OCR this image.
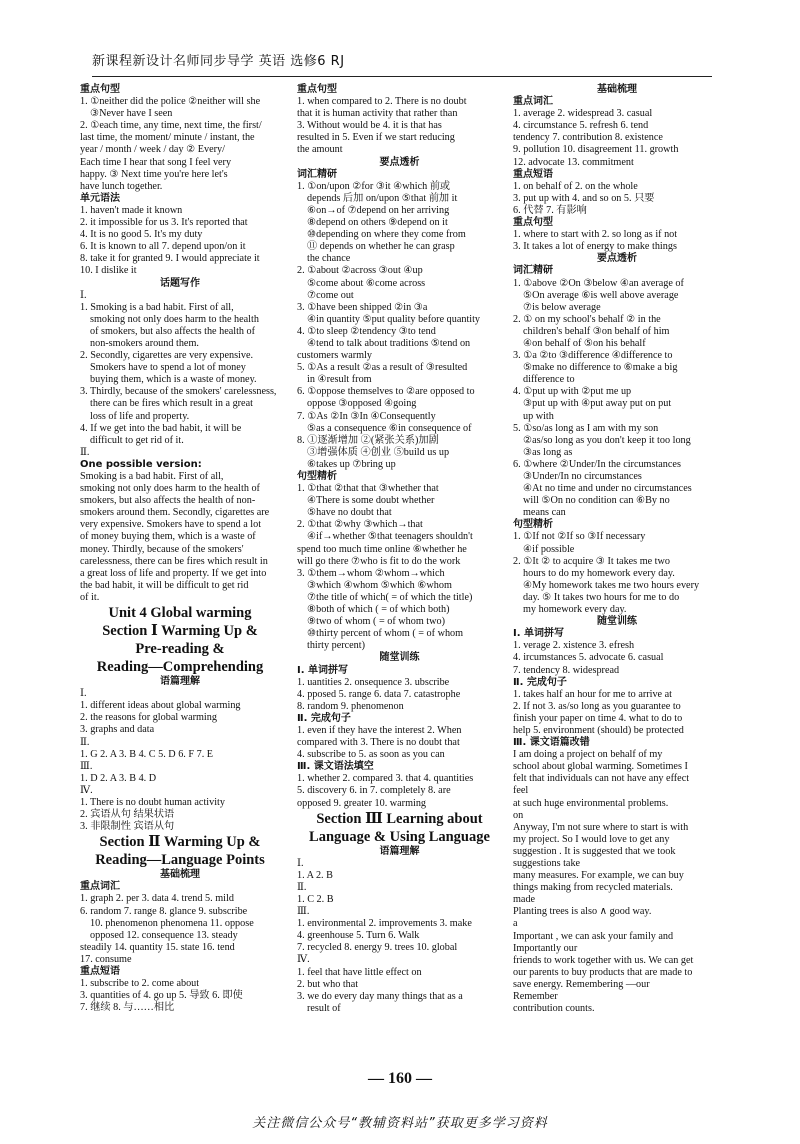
新课程新设计名师同步导学 英语 选修6 RJ
重点句型
1. ①neither did the police ②neither will she
③Never have I seen
2. ①each time, any time, next time, the first/
last time, the moment/ minute / instant, the
year / month / week / day ② Every/
Each time I hear that song I feel very
happy. ③ Next time you're here let's
have lunch together.
单元语法
1. haven't made it known
2. it impossible for us 3. It's reported that
4. It is no good 5. It's my duty
6. It is known to all 7. depend upon/on it
8. take it for granted 9. I would appreciate it
10. I dislike it
话题写作
Ⅰ.
1. Smoking is a bad habit. First of all,
smoking not only does harm to the health
of smokers, but also affects the health of
non-smokers around them.
2. Secondly, cigarettes are very expensive.
Smokers have to spend a lot of money
buying them, which is a waste of money.
3. Thirdly, because of the smokers' carelessness,
there can be fires which result in a great
loss of life and property.
4. If we get into the bad habit, it will be
difficult to get rid of it.
Ⅱ.
One possible version:
Smoking is a bad habit. First of all,
smoking not only does harm to the health of
smokers, but also affects the health of non-
smokers around them. Secondly, cigarettes are
very expensive. Smokers have to spend a lot
of money buying them, which is a waste of
money. Thirdly, because of the smokers'
carelessness, there can be fires which result in
a great loss of life and property. If we get into
the bad habit, it will be difficult to get rid
of it.
Unit 4 Global warming
Section Ⅰ Warming Up &
Pre-reading &
Reading—Comprehending
语篇理解
Ⅰ.
1. different ideas about global warming
2. the reasons for global warming
3. graphs and data
Ⅱ.
1. G 2. A 3. B 4. C 5. D 6. F 7. E
Ⅲ.
1. D 2. A 3. B 4. D
Ⅳ.
1. There is no doubt human activity
2. 宾语从句 结果状语
3. 非限制性 宾语从句
Section Ⅱ Warming Up &
Reading—Language Points
基础梳理
重点词汇
1. graph 2. per 3. data 4. trend 5. mild
6. random 7. range 8. glance 9. subscribe
10. phenomenon phenomena 11. oppose
opposed 12. consequence 13. steady
steadily 14. quantity 15. state 16. tend
17. consume
重点短语
1. subscribe to 2. come about
3. quantities of 4. go up 5. 导致 6. 即使
7. 继续 8. 与……相比
重点句型
1. when compared to 2. There is no doubt
that it is human activity that rather than
3. Without would be 4. it is that has
resulted in 5. Even if we start reducing
the amount
要点透析
词汇精研
1. ①on/upon ②for ③it ④which 前或
depends 后加 on/upon ⑤that 前加 it
⑥on→of ⑦depend on her arriving
⑧depend on others ⑨depend on it
⑩depending on where they come from
⑪ depends on whether he can grasp
the chance
2. ①about ②across ③out ④up
⑤come about ⑥come across
⑦come out
3. ①have been shipped ②in ③a
④in quantity ⑤put quality before quantity
4. ①to sleep ②tendency ③to tend
④tend to talk about traditions ⑤tend on
customers warmly
5. ①As a result ②as a result of ③resulted
in ④result from
6. ①oppose themselves to ②are opposed to
oppose ③opposed ④going
7. ①As ②In ③In ④Consequently
⑤as a consequence ⑥in consequence of
8. ①逐渐增加 ②(紧张关系)加剧
③增强体质 ④创业 ⑤build us up
⑥takes up ⑦bring up
句型精析
1. ①that ②that that ③whether that
④There is some doubt whether
⑤have no doubt that
2. ①that ②why ③which→that
④if→whether ⑤that teenagers shouldn't
spend too much time online ⑥whether he
will go there ⑦who is fit to do the work
3. ①them→whom ②whom→which
③which ④whom ⑤which ⑥whom
⑦the title of which( = of which the title)
⑧both of which ( = of which both)
⑨two of whom ( = of whom two)
⑩thirty percent of whom ( = of whom
thirty percent)
随堂训练
Ⅰ. 单词拼写
1. uantities 2. onsequence 3. ubscribe
4. pposed 5. range 6. data 7. catastrophe
8. random 9. phenomenon
Ⅱ. 完成句子
1. even if they have the interest 2. When
compared with 3. There is no doubt that
4. subscribe to 5. as soon as you can
Ⅲ. 课文语法填空
1. whether 2. compared 3. that 4. quantities
5. discovery 6. in 7. completely 8. are
opposed 9. greater 10. warming
Section Ⅲ Learning about
Language & Using Language
语篇理解
Ⅰ.
1. A 2. B
Ⅱ.
1. C 2. B
Ⅲ.
1. environmental 2. improvements 3. make
4. greenhouse 5. Turn 6. Walk
7. recycled 8. energy 9. trees 10. global
Ⅳ.
1. feel that have little effect on
2. but who that
3. we do every day many things that as a
result of
基础梳理
重点词汇
1. average 2. widespread 3. casual
4. circumstance 5. refresh 6. tend
tendency 7. contribution 8. existence
9. pollution 10. disagreement 11. growth
12. advocate 13. commitment
重点短语
1. on behalf of 2. on the whole
3. put up with 4. and so on 5. 只要
6. 代替 7. 有影响
重点句型
1. where to start with 2. so long as if not
3. It takes a lot of energy to make things
要点透析
词汇精研
1. ①above ②On ③below ④an average of
⑤On average ⑥is well above average
⑦is below average
2. ① on my school's behalf ② in the
children's behalf ③on behalf of him
④on behalf of ⑤on his behalf
3. ①a ②to ③difference ④difference to
⑤make no difference to ⑥make a big
difference to
4. ①put up with ②put me up
③put up with ④put away put on put
up with
5. ①so/as long as I am with my son
②as/so long as you don't keep it too long
③as long as
6. ①where ②Under/In the circumstances
③Under/In no circumstances
④At no time and under no circumstances
will ⑤On no condition can ⑥By no
means can
句型精析
1. ①If not ②If so ③If necessary
④if possible
2. ①It ② to acquire ③ It takes me two
hours to do my homework every day.
④My homework takes me two hours every
day. ⑤ It takes two hours for me to do
my homework every day.
随堂训练
Ⅰ. 单词拼写
1. verage 2. xistence 3. efresh
4. ircumstances 5. advocate 6. casual
7. tendency 8. widespread
Ⅱ. 完成句子
1. takes half an hour for me to arrive at
2. If not 3. as/so long as you guarantee to
finish your paper on time 4. what to do to
help 5. environment (should) be protected
Ⅲ. 课文语篇改错
I am doing a project on behalf of my
school about global warming. Sometimes I
felt that individuals can not have any effect
feel
at such huge environmental problems.
on
Anyway, I'm not sure where to start is with
my project. So I would love to get any
suggestion . It is suggested that we took
suggestions take
many measures. For example, we can buy
things making from recycled materials.
made
Planting trees is also ∧ good way.
a
Important , we can ask your family and
Importantly our
friends to work together with us. We can get
our parents to buy products that are made to
save energy. Remembering —our
Remember
contribution counts.
— 160 —
关注微信公众号“教辅资料站”获取更多学习资料
